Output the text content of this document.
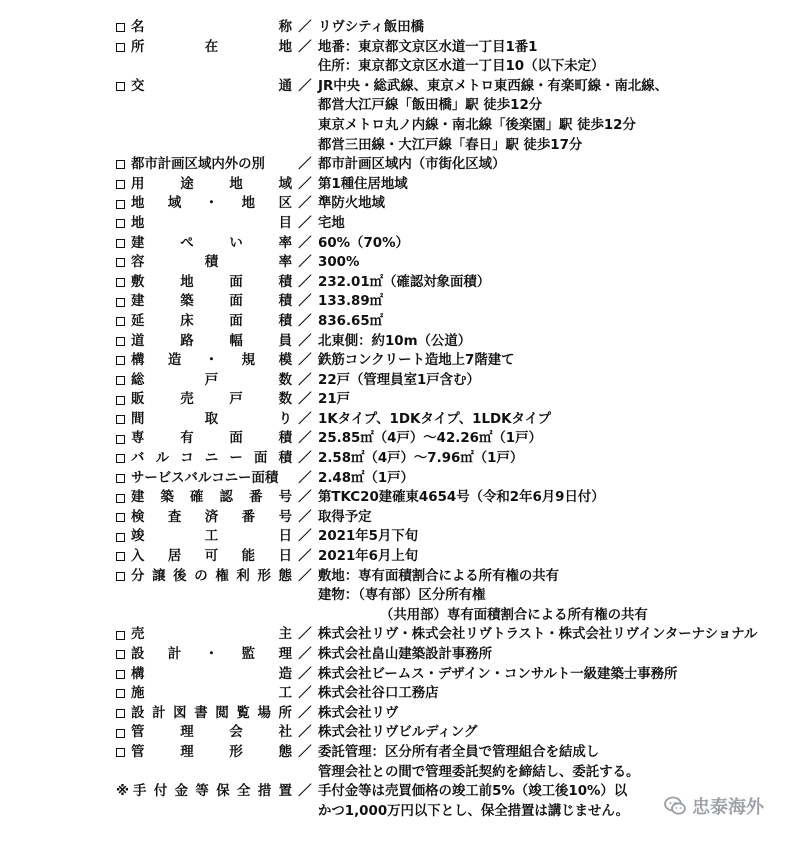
名	称 ／ リヴシティ飯田橋
所	在	地 ／ 地番：東京都文京区水道一丁目1番1
住所：東京都文京区水道一丁目10（以下未定）
交	通 ／ JR中央・総武線、東京メトロ東西線・有楽町線・南北線、
都営大江戸線「飯田橋」駅 徒歩12分
東京メトロ丸ノ内線・南北線「後楽園」駅 徒歩12分
都営三田線・大江戸線「春日」駅 徒歩17分
都市計画区域内外の別	／ 都市計画区域内（市街化区域）
用	途	地	域 ／ 第1種住居地域
地 域 ・ 地 区 ／ 準防火地域
地	目 ／ 宅地
建	ぺ	い	率 ／ 60%（70%）
容	積	率 ／ 300%
敷	地	面	積 ／ 232.01㎡（確認対象面積）
建	築	面	積 ／ 133.89㎡
延	床	面	積 ／ 836.65㎡
道	路	幅	員 ／ 北東側：約10m（公道）
構 造 ・ 規 模 ／ 鉄筋コンクリート造地上7階建て
総	戸	数 ／ 22戸（管理員室1戸含む）
販	売	戸	数 ／ 21戸
間	取	り ／ 1Kタイプ、1DKタイプ、1LDKタイプ
専	有	面	積 ／ 25.85㎡（4戸）〜42.26㎡（1戸）
バ ル コ ニ ー 面 積 ／ 2.58㎡（4戸）〜7.96㎡（1戸）
サービスバルコニー面積	／ 2.48㎡（1戸）
建 築 確 認 番 号 ／ 第TKC20建確東4654号（令和2年6月9日付）
検 査 済 番 号 ／ 取得予定
竣	工	日 ／ 2021年5月下旬
入 居 可 能 日 ／ 2021年6月上旬
分 譲 後 の 権 利 形 態 ／ 敷地：専有面積割合による所有権の共有
建物：（専有部）区分所有権
（共用部）専有面積割合による所有権の共有
売	主 ／ 株式会社リヴ・株式会社リヴトラスト・株式会社リヴインターナショナル
設 計 ・ 監 理 ／ 株式会社畠山建築設計事務所
構	造 ／ 株式会社ビームス・デザイン・コンサルト一級建築士事務所
施	工 ／ 株式会社谷口工務店
設 計 図 書 閲 覧 場 所 ／ 株式会社リヴ
管	理	会	社 ／ 株式会社リヴビルディング
管	理	形	態 ／ 委託管理：区分所有者全員で管理組合を結成し
管理会社との間で管理委託契約を締結し、委託する。
※ 手 付 金 等 保 全 措 置 ／ 手付金等は売買価格の竣工前5%（竣工後10%）以
かつ1,000万円以下とし、保全措置は講じません。	忠泰海外
